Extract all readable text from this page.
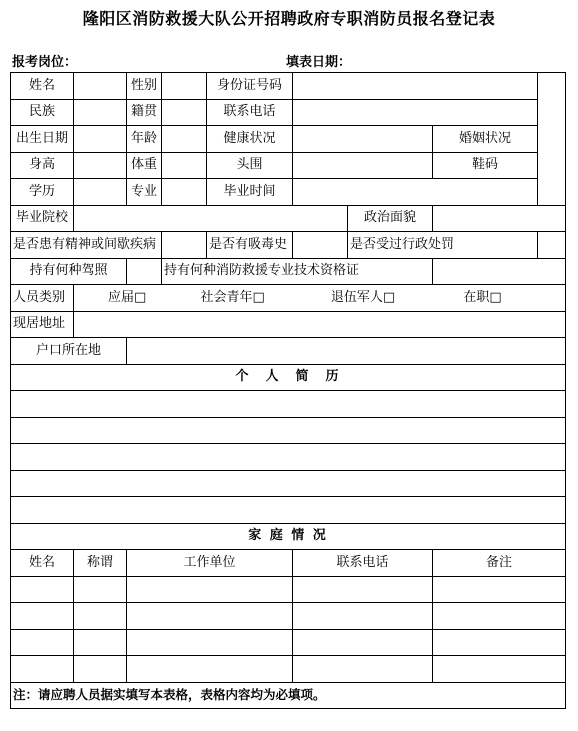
隆阳区消防救援大队公开招聘政府专职消防员报名登记表
报考岗位：	填表日期：
姓名		性别		身份证号码				
民族		籍贯		联系电话				
出生日期		年龄		健康状况			婚姻状况	
身高		体重		头围			鞋码	
学历		专业		毕业时间				
毕业院校						政治面貌		
是否患有精神或间歇疾病				是否有吸毒史		是否受过行政处罚		
持有何种驾照			持有何种消防救援专业技术资格证					
人员类别	应届□ 社会青年□ 退伍军人□ 在职□							
现居地址								
户口所在地								
个　人　简　历								

家 庭 情 况								
姓名	称谓	工作单位			联系电话		备注	

注：请应聘人员据实填写本表格，表格内容均为必填项。								
